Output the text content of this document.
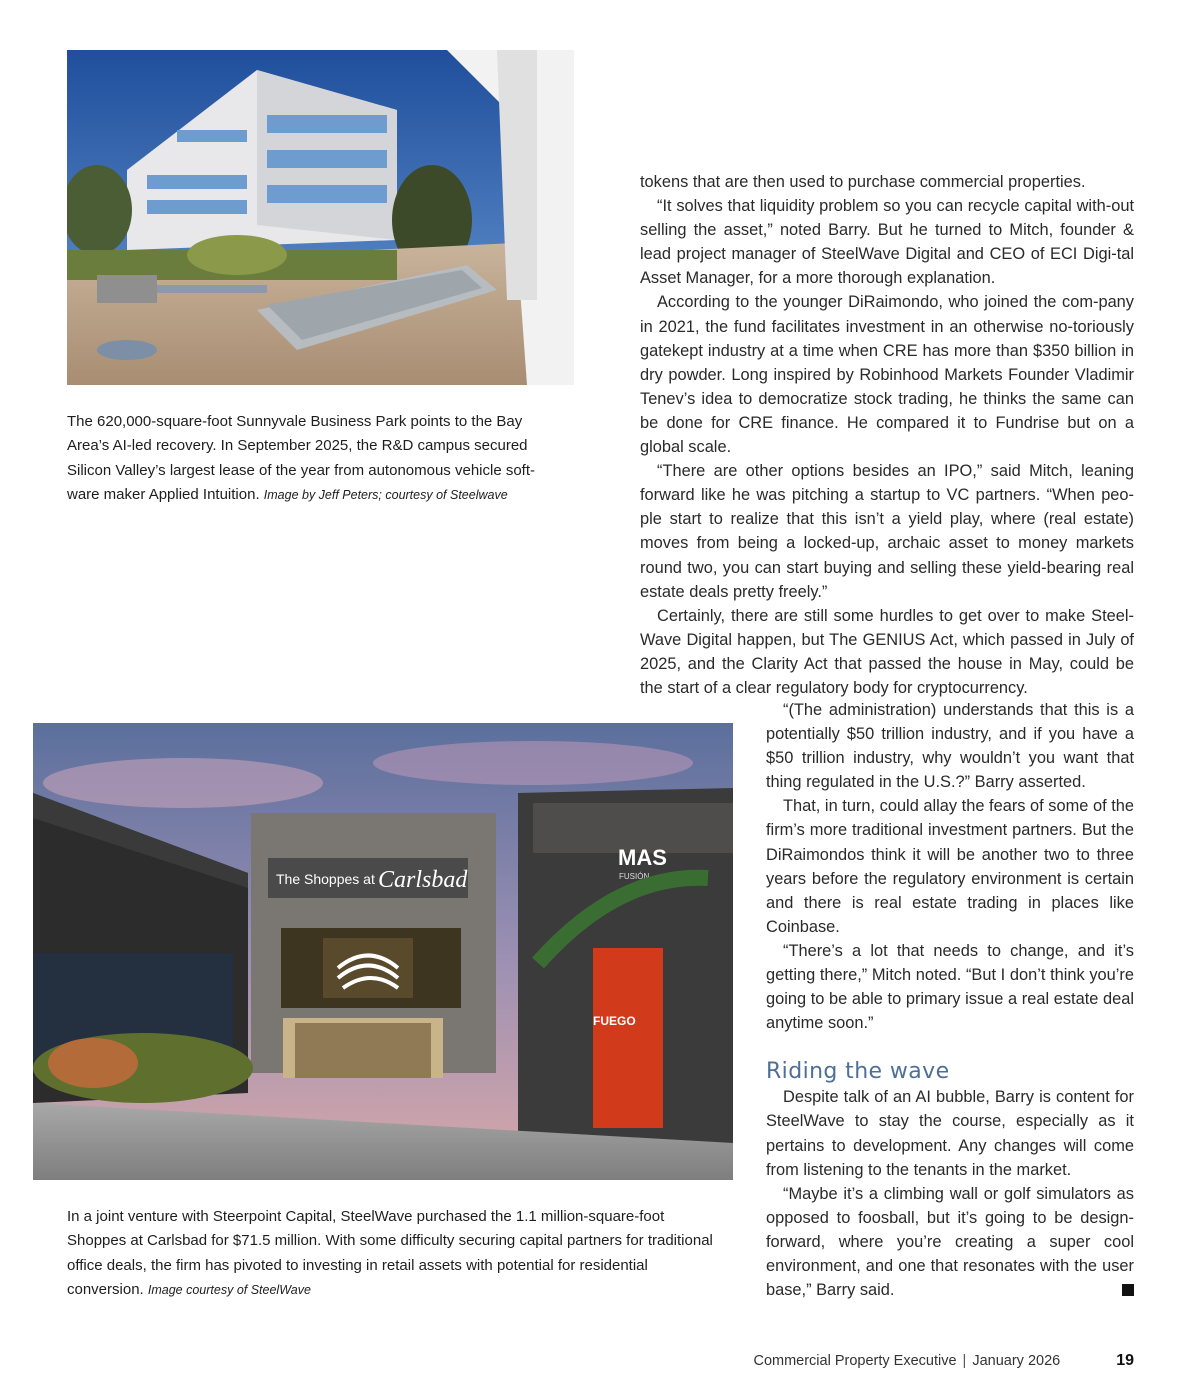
The 620,000-square-foot Sunnyvale Business Park points to the Bay Area’s AI-led recovery. In September 2025, the R&D campus secured Silicon Valley’s largest lease of the year from autonomous vehicle soft-ware maker Applied Intuition. Image by Jeff Peters; courtesy of Steelwave

tokens that are then used to purchase commercial properties.

“It solves that liquidity problem so you can recycle capital with-out selling the asset,” noted Barry. But he turned to Mitch, founder & lead project manager of SteelWave Digital and CEO of ECI Digi-tal Asset Manager, for a more thorough explanation.

According to the younger DiRaimondo, who joined the com-pany in 2021, the fund facilitates investment in an otherwise no-toriously gatekept industry at a time when CRE has more than $350 billion in dry powder. Long inspired by Robinhood Markets Founder Vladimir Tenev’s idea to democratize stock trading, he thinks the same can be done for CRE finance. He compared it to Fundrise but on a global scale.

“There are other options besides an IPO,” said Mitch, leaning forward like he was pitching a startup to VC partners. “When peo-ple start to realize that this isn’t a yield play, where (real estate) moves from being a locked-up, archaic asset to money markets round two, you can start buying and selling these yield-bearing real estate deals pretty freely.”

Certainly, there are still some hurdles to get over to make Steel-Wave Digital happen, but The GENIUS Act, which passed in July of 2025, and the Clarity Act that passed the house in May, could be the start of a clear regulatory body for cryptocurrency.

The Shoppes at Carlsbad
MAS
FUSIÓN
FUEGO
In a joint venture with Steerpoint Capital, SteelWave purchased the 1.1 million-square-foot Shoppes at Carlsbad for $71.5 million. With some difficulty securing capital partners for traditional office deals, the firm has pivoted to investing in retail assets with potential for residential conversion. Image courtesy of SteelWave

“(The administration) understands that this is a potentially $50 trillion industry, and if you have a $50 trillion industry, why wouldn’t you want that thing regulated in the U.S.?” Barry asserted.

That, in turn, could allay the fears of some of the firm’s more traditional investment partners. But the DiRaimondos think it will be another two to three years before the regulatory environment is certain and there is real estate trading in places like Coinbase.

“There’s a lot that needs to change, and it’s getting there,” Mitch noted. “But I don’t think you’re going to be able to primary issue a real estate deal anytime soon.”

Riding the wave

Despite talk of an AI bubble, Barry is content for SteelWave to stay the course, especially as it pertains to development. Any changes will come from listening to the tenants in the market.

“Maybe it’s a climbing wall or golf simulators as opposed to foosball, but it’s going to be design-forward, where you’re creating a super cool environment, and one that resonates with the user base,” Barry said.

Commercial Property Executive | January 2026	19
